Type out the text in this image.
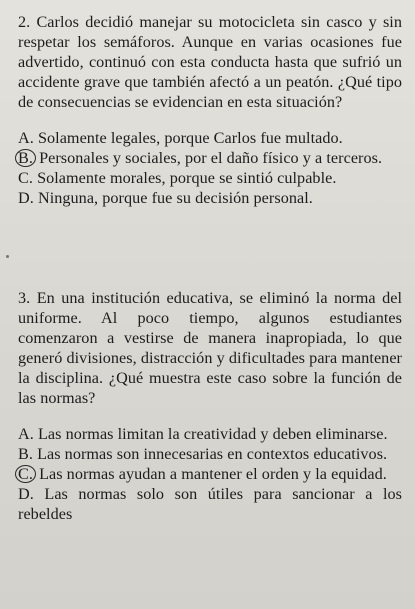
2. Carlos decidió manejar su motocicleta sin casco y sin respetar los semáforos. Aunque en varias ocasiones fue advertido, continuó con esta conducta hasta que sufrió un accidente grave que también afectó a un peatón. ¿Qué tipo de consecuencias se evidencian en esta situación?

A. Solamente legales, porque Carlos fue multado.

B. Personales y sociales, por el daño físico y a terceros.

C. Solamente morales, porque se sintió culpable.

D. Ninguna, porque fue su decisión personal.

3. En una institución educativa, se eliminó la norma del uniforme. Al poco tiempo, algunos estudiantes comenzaron a vestirse de manera inapropiada, lo que generó divisiones, distracción y dificultades para mantener la disciplina. ¿Qué muestra este caso sobre la función de las normas?

A. Las normas limitan la creatividad y deben eliminarse.

B. Las normas son innecesarias en contextos educativos.

C. Las normas ayudan a mantener el orden y la equidad.

D. Las normas solo son útiles para sancionar a los rebeldes
